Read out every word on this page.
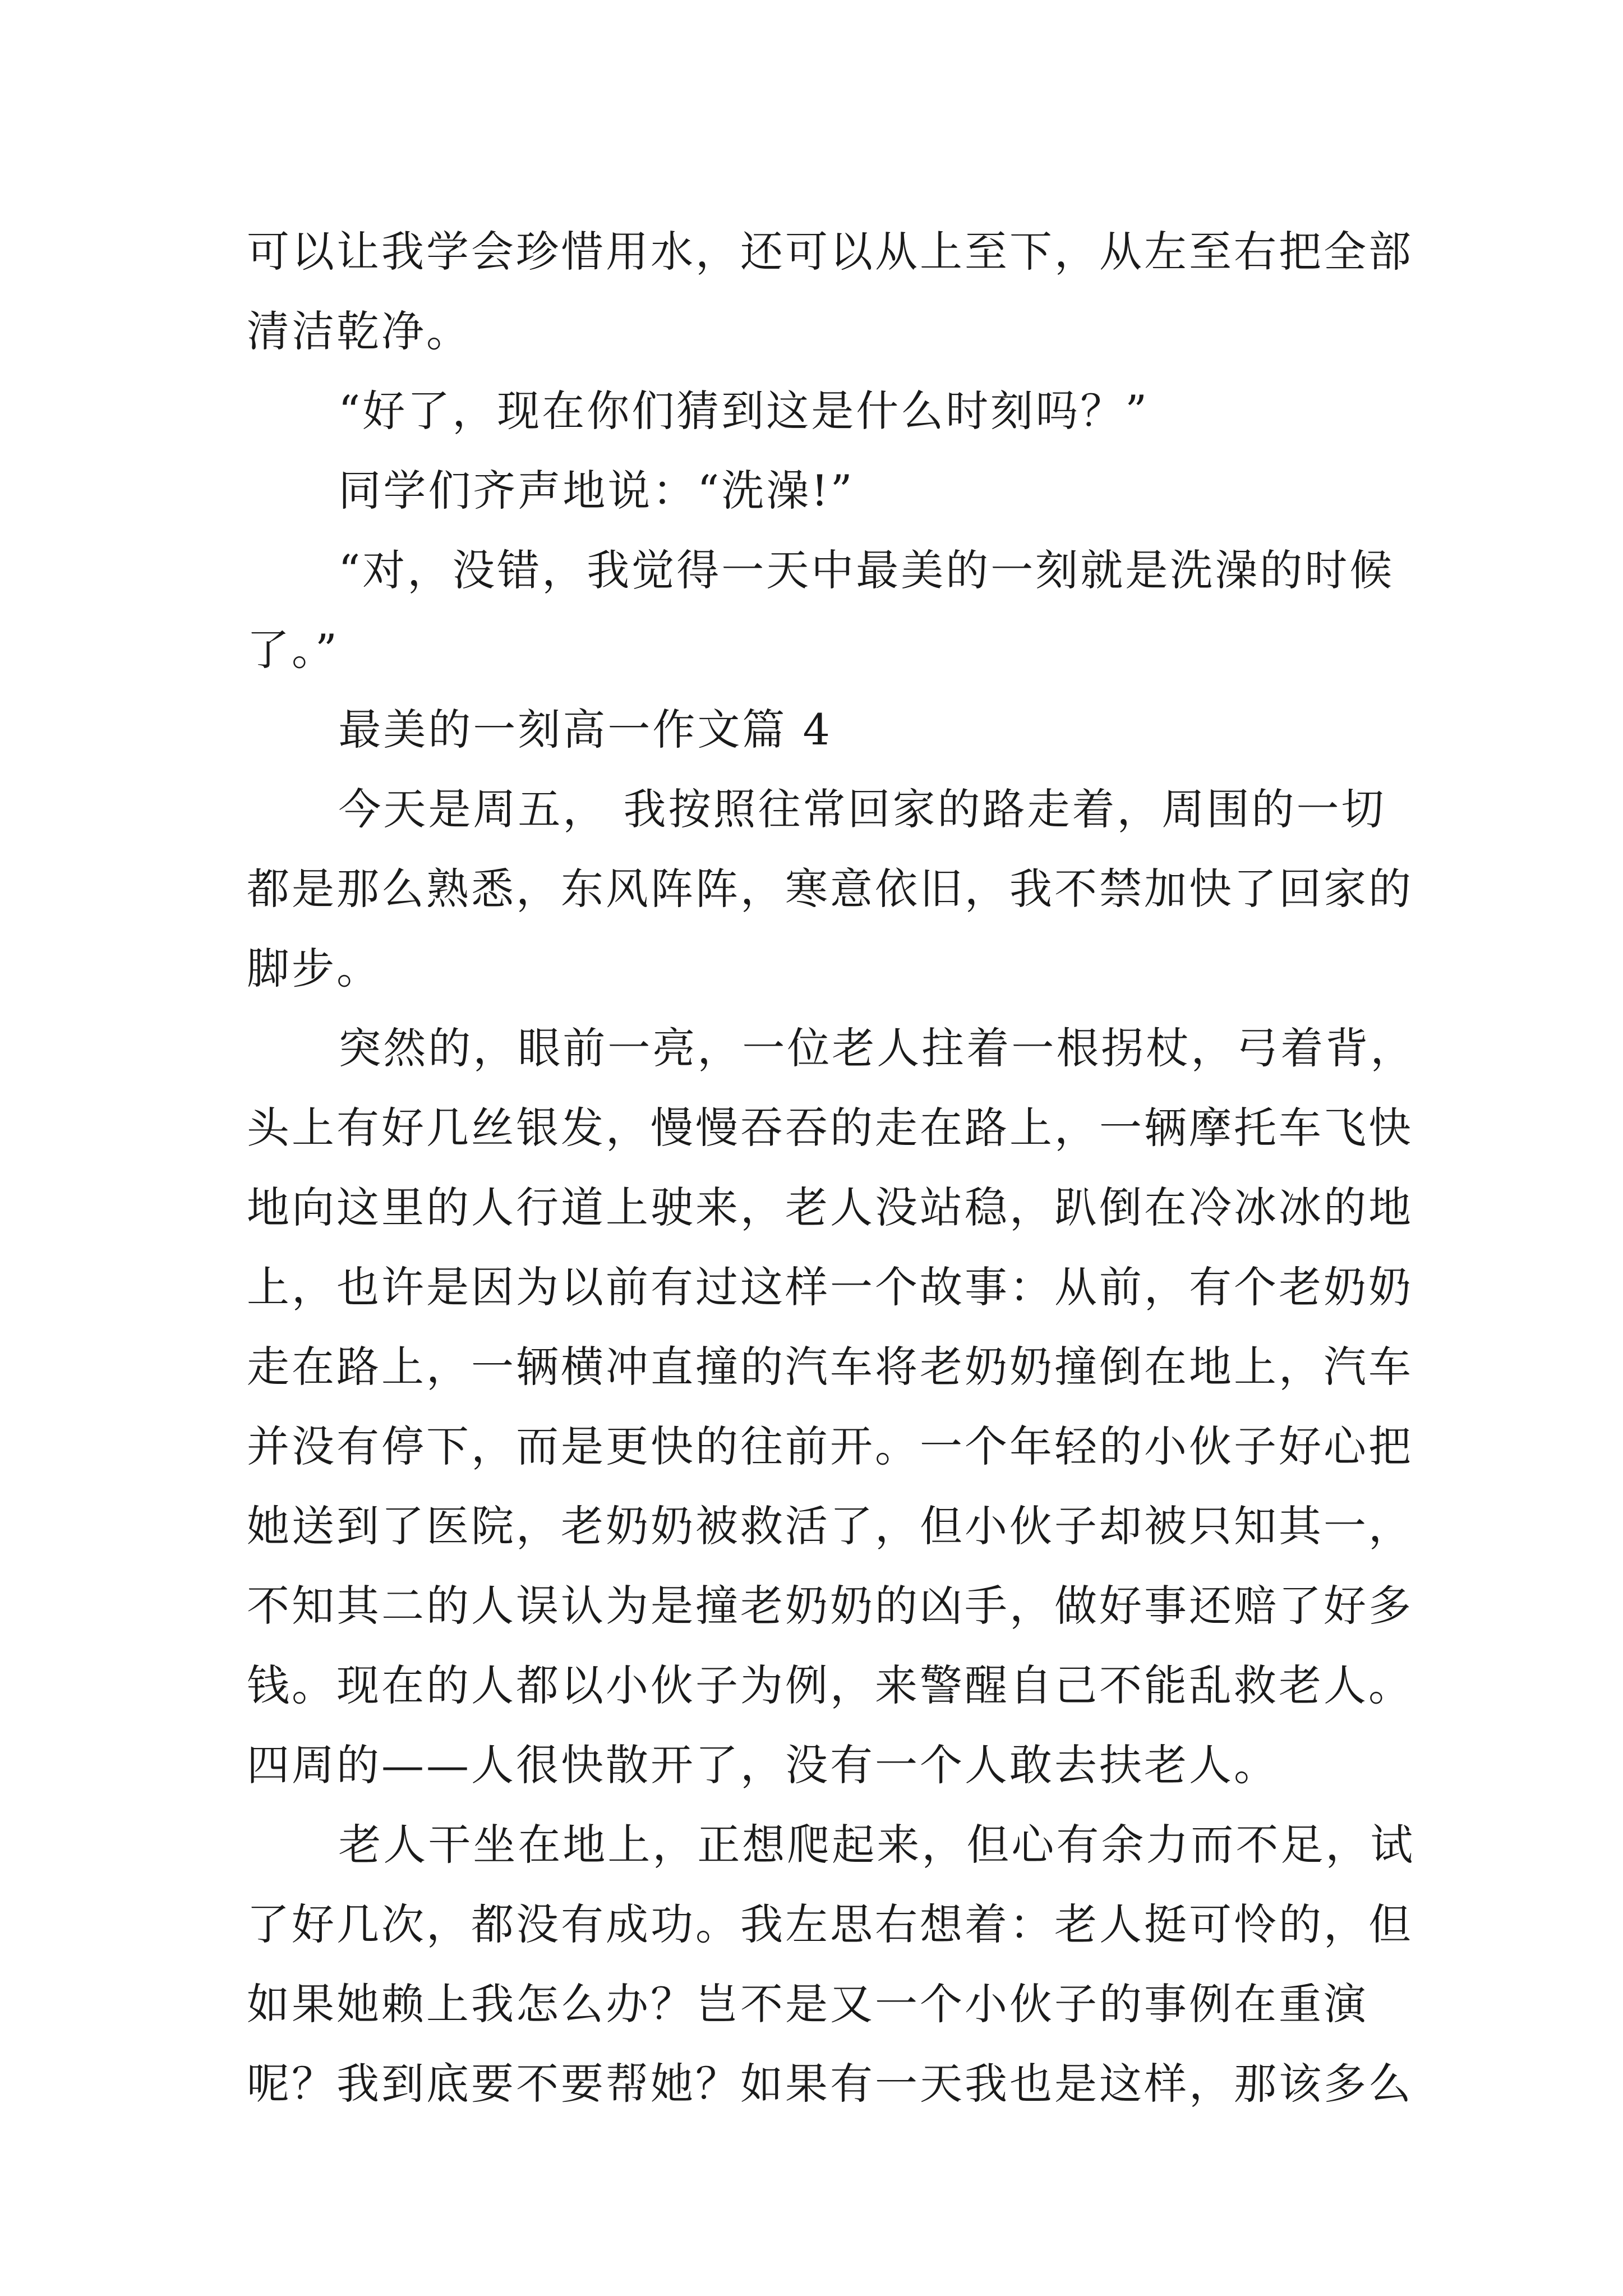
可以让我学会珍惜用水，还可以从上至下，从左至右把全部
清洁乾净。

“好了，现在你们猜到这是什么时刻吗？”

同学们齐声地说：“洗澡!”

“对，没错，我觉得一天中最美的一刻就是洗澡的时候
了。”

最美的一刻高一作文篇 4

今天是周五， 我按照往常回家的路走着，周围的一切
都是那么熟悉，东风阵阵，寒意依旧，我不禁加快了回家的
脚步。

突然的，眼前一亮，一位老人拄着一根拐杖，弓着背，
头上有好几丝银发，慢慢吞吞的走在路上，一辆摩托车飞快
地向这里的人行道上驶来，老人没站稳，趴倒在冷冰冰的地
上，也许是因为以前有过这样一个故事：从前，有个老奶奶
走在路上，一辆横冲直撞的汽车将老奶奶撞倒在地上，汽车
并没有停下，而是更快的往前开。一个年轻的小伙子好心把
她送到了医院，老奶奶被救活了，但小伙子却被只知其一，
不知其二的人误认为是撞老奶奶的凶手，做好事还赔了好多
钱。现在的人都以小伙子为例，来警醒自己不能乱救老人。
四周的——人很快散开了，没有一个人敢去扶老人。

老人干坐在地上，正想爬起来，但心有余力而不足，试
了好几次，都没有成功。我左思右想着：老人挺可怜的，但
如果她赖上我怎么办？岂不是又一个小伙子的事例在重演
呢？我到底要不要帮她？如果有一天我也是这样，那该多么
